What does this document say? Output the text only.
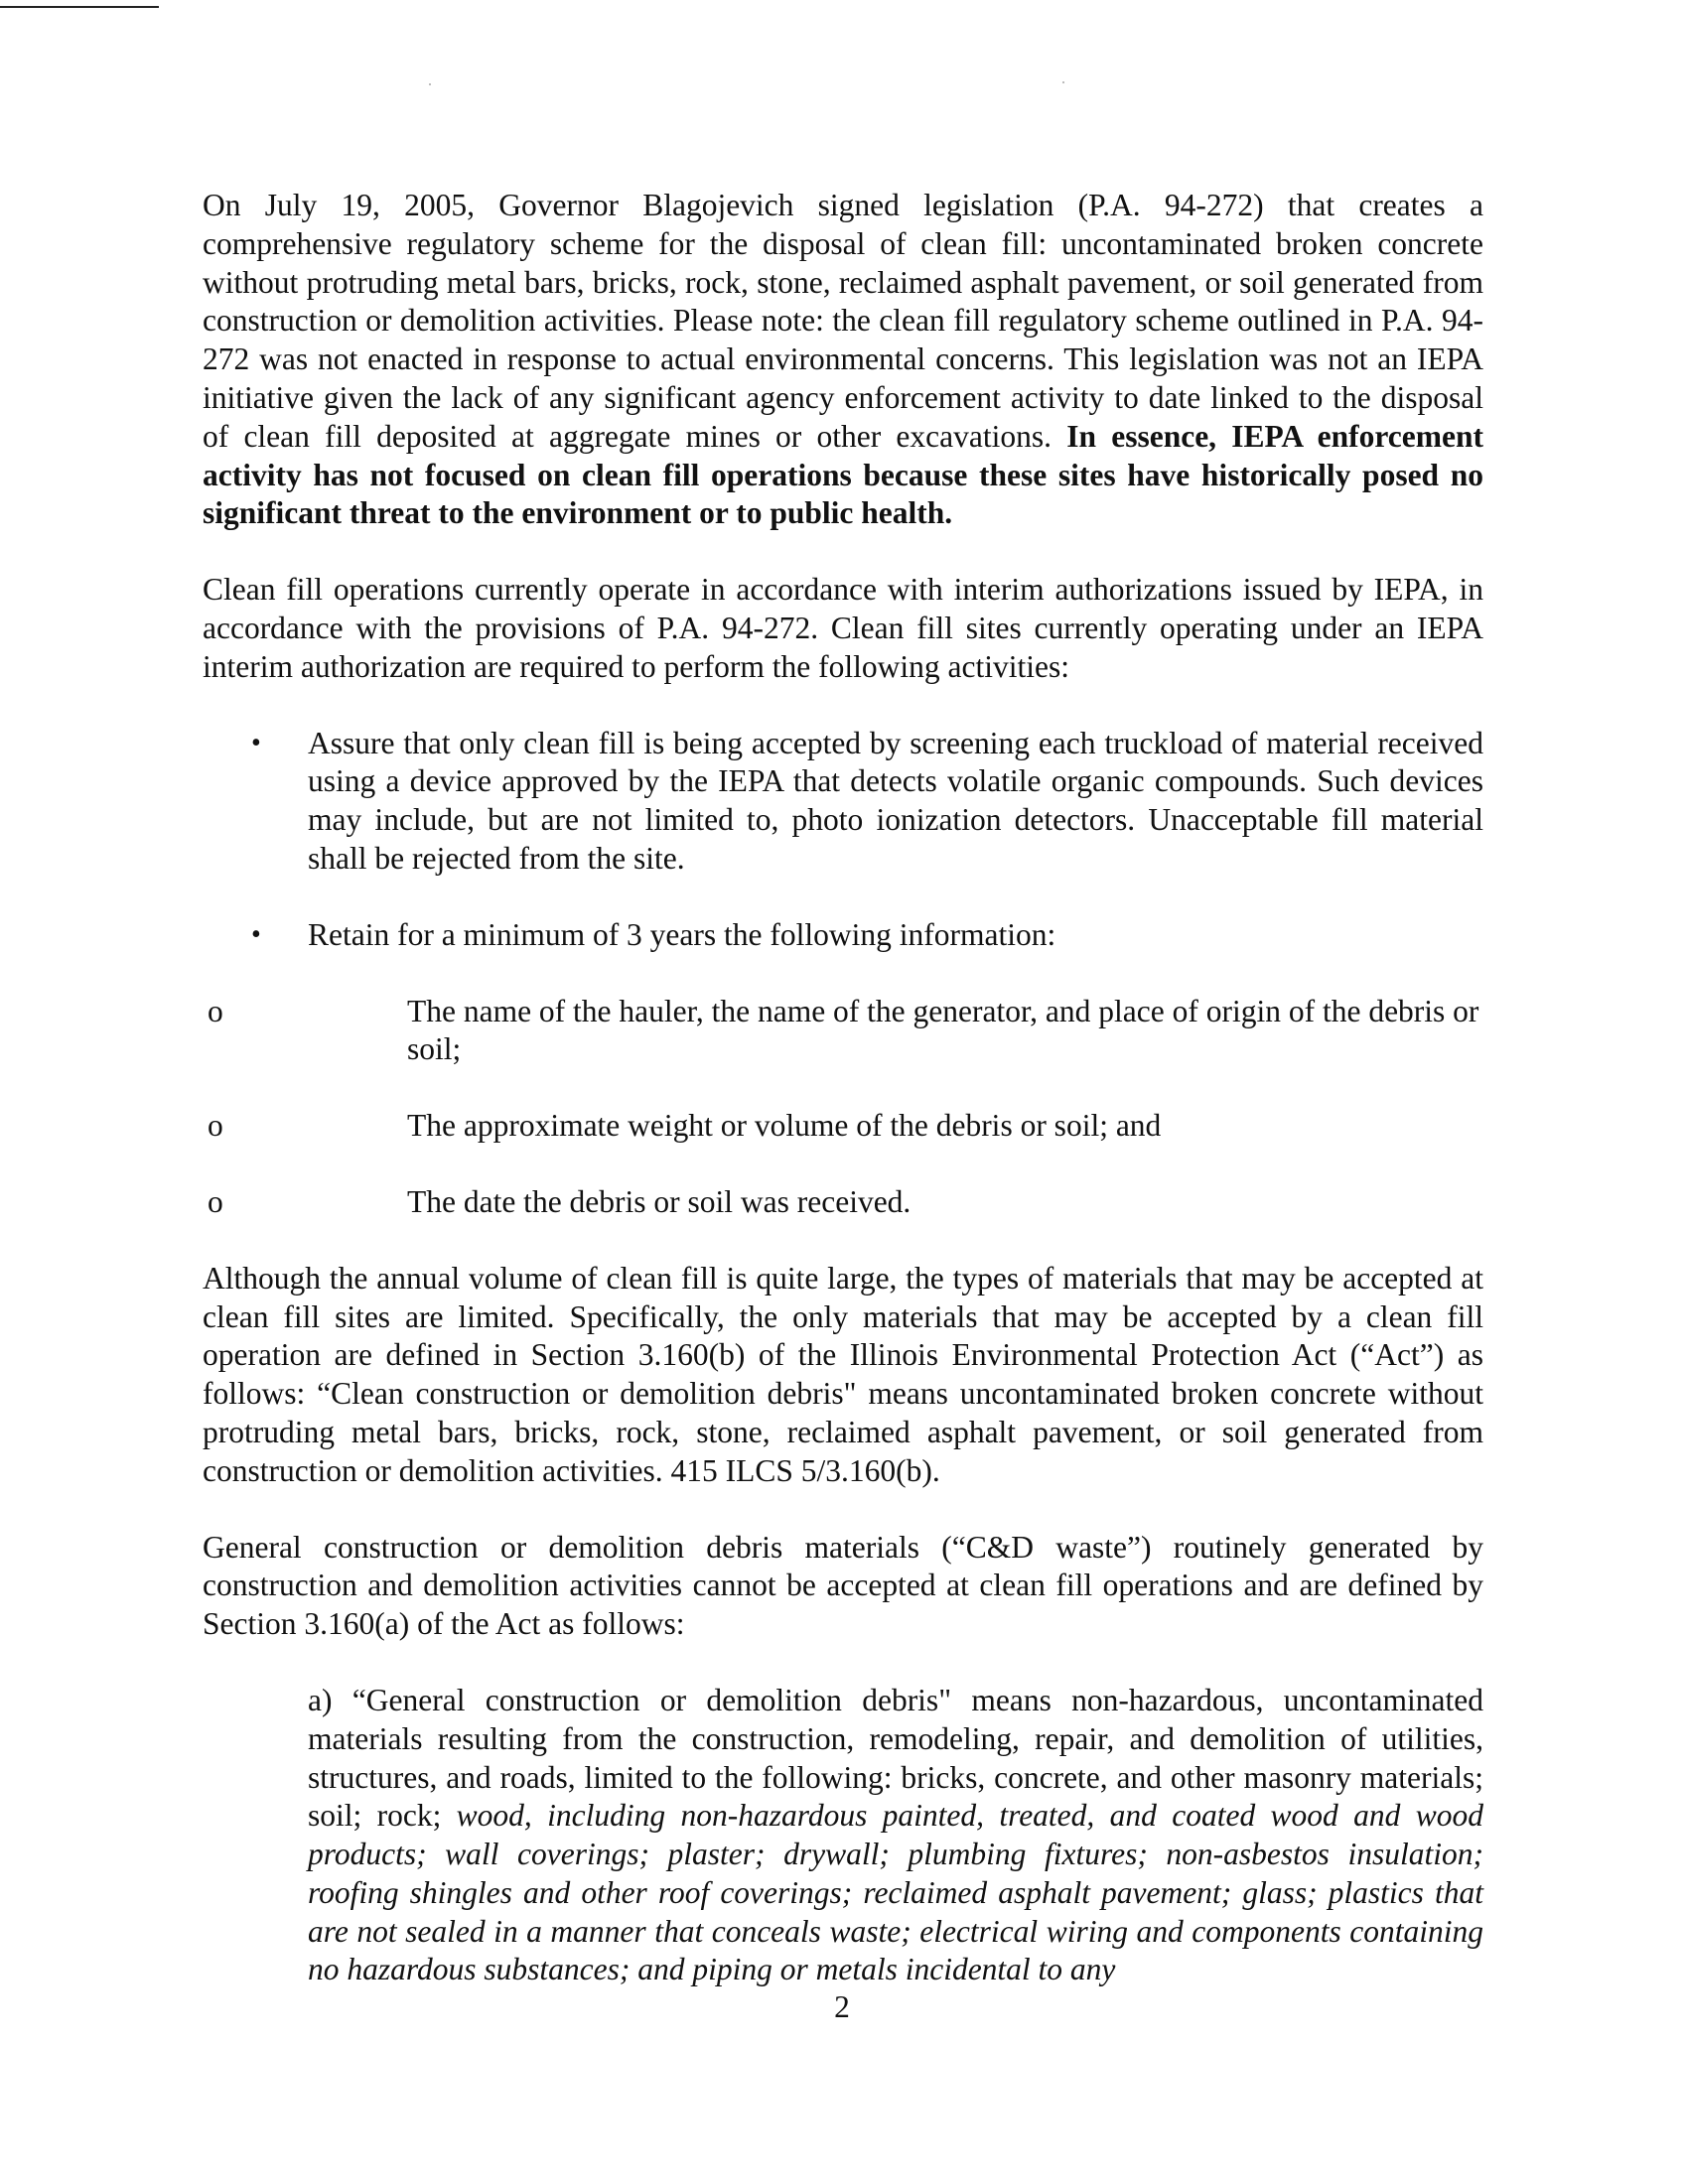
On July 19, 2005, Governor Blagojevich signed legislation (P.A. 94-272) that creates a comprehensive regulatory scheme for the disposal of clean fill: uncontaminated broken concrete without protruding metal bars, bricks, rock, stone, reclaimed asphalt pavement, or soil generated from construction or demolition activities. Please note: the clean fill regulatory scheme outlined in P.A. 94-272 was not enacted in response to actual environmental concerns. This legislation was not an IEPA initiative given the lack of any significant agency enforcement activity to date linked to the disposal of clean fill deposited at aggregate mines or other excavations. In essence, IEPA enforcement activity has not focused on clean fill operations because these sites have historically posed no significant threat to the environment or to public health.

Clean fill operations currently operate in accordance with interim authorizations issued by IEPA, in accordance with the provisions of P.A. 94-272. Clean fill sites currently operating under an IEPA interim authorization are required to perform the following activities:

• Assure that only clean fill is being accepted by screening each truckload of material received using a device approved by the IEPA that detects volatile organic compounds. Such devices may include, but are not limited to, photo ionization detectors. Unacceptable fill material shall be rejected from the site.
• Retain for a minimum of 3 years the following information:
o	The name of the hauler, the name of the generator, and place of origin of the debris or soil;
o	The approximate weight or volume of the debris or soil; and
o	The date the debris or soil was received.

Although the annual volume of clean fill is quite large, the types of materials that may be accepted at clean fill sites are limited. Specifically, the only materials that may be accepted by a clean fill operation are defined in Section 3.160(b) of the Illinois Environmental Protection Act (“Act”) as follows: “Clean construction or demolition debris" means uncontaminated broken concrete without protruding metal bars, bricks, rock, stone, reclaimed asphalt pavement, or soil generated from construction or demolition activities. 415 ILCS 5/3.160(b).

General construction or demolition debris materials (“C&D waste”) routinely generated by construction and demolition activities cannot be accepted at clean fill operations and are defined by Section 3.160(a) of the Act as follows:

a) “General construction or demolition debris" means non-hazardous, uncontaminated materials resulting from the construction, remodeling, repair, and demolition of utilities, structures, and roads, limited to the following: bricks, concrete, and other masonry materials; soil; rock; wood, including non-hazardous painted, treated, and coated wood and wood products; wall coverings; plaster; drywall; plumbing fixtures; non-asbestos insulation; roofing shingles and other roof coverings; reclaimed asphalt pavement; glass; plastics that are not sealed in a manner that conceals waste; electrical wiring and components containing no hazardous substances; and piping or metals incidental to any

2
